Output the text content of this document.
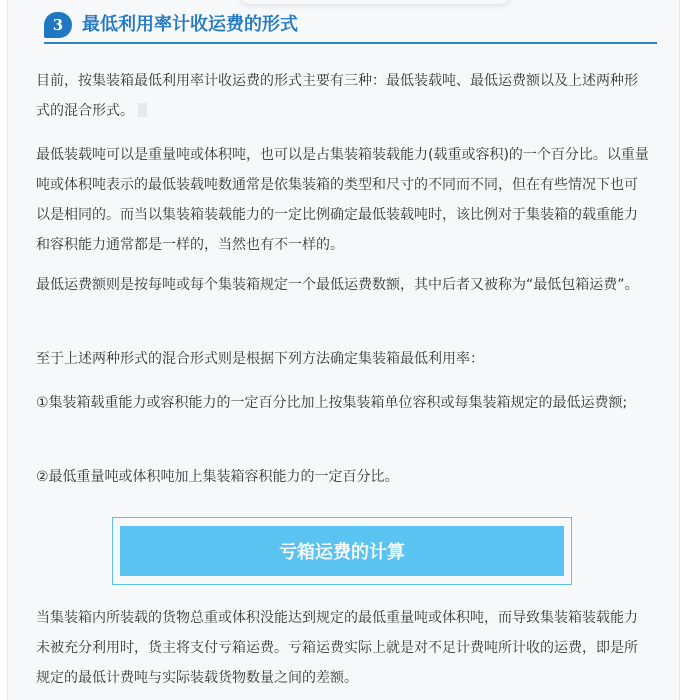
3	最低利用率计收运费的形式

目前，按集装箱最低利用率计收运费的形式主要有三种：最低装载吨、最低运费额以及上述两种形式的混合形式。

最低装载吨可以是重量吨或体积吨，也可以是占集装箱装载能力(载重或容积)的一个百分比。以重量吨或体积吨表示的最低装载吨数通常是依集装箱的类型和尺寸的不同而不同，但在有些情况下也可以是相同的。而当以集装箱装载能力的一定比例确定最低装载吨时，该比例对于集装箱的载重能力和容积能力通常都是一样的，当然也有不一样的。

最低运费额则是按每吨或每个集装箱规定一个最低运费数额，其中后者又被称为“最低包箱运费”。

至于上述两种形式的混合形式则是根据下列方法确定集装箱最低利用率：

①集装箱载重能力或容积能力的一定百分比加上按集装箱单位容积或每集装箱规定的最低运费额;

②最低重量吨或体积吨加上集装箱容积能力的一定百分比。

亏箱运费的计算

当集装箱内所装载的货物总重或体积没能达到规定的最低重量吨或体积吨，而导致集装箱装载能力未被充分利用时，货主将支付亏箱运费。亏箱运费实际上就是对不足计费吨所计收的运费，即是所规定的最低计费吨与实际装载货物数量之间的差额。
